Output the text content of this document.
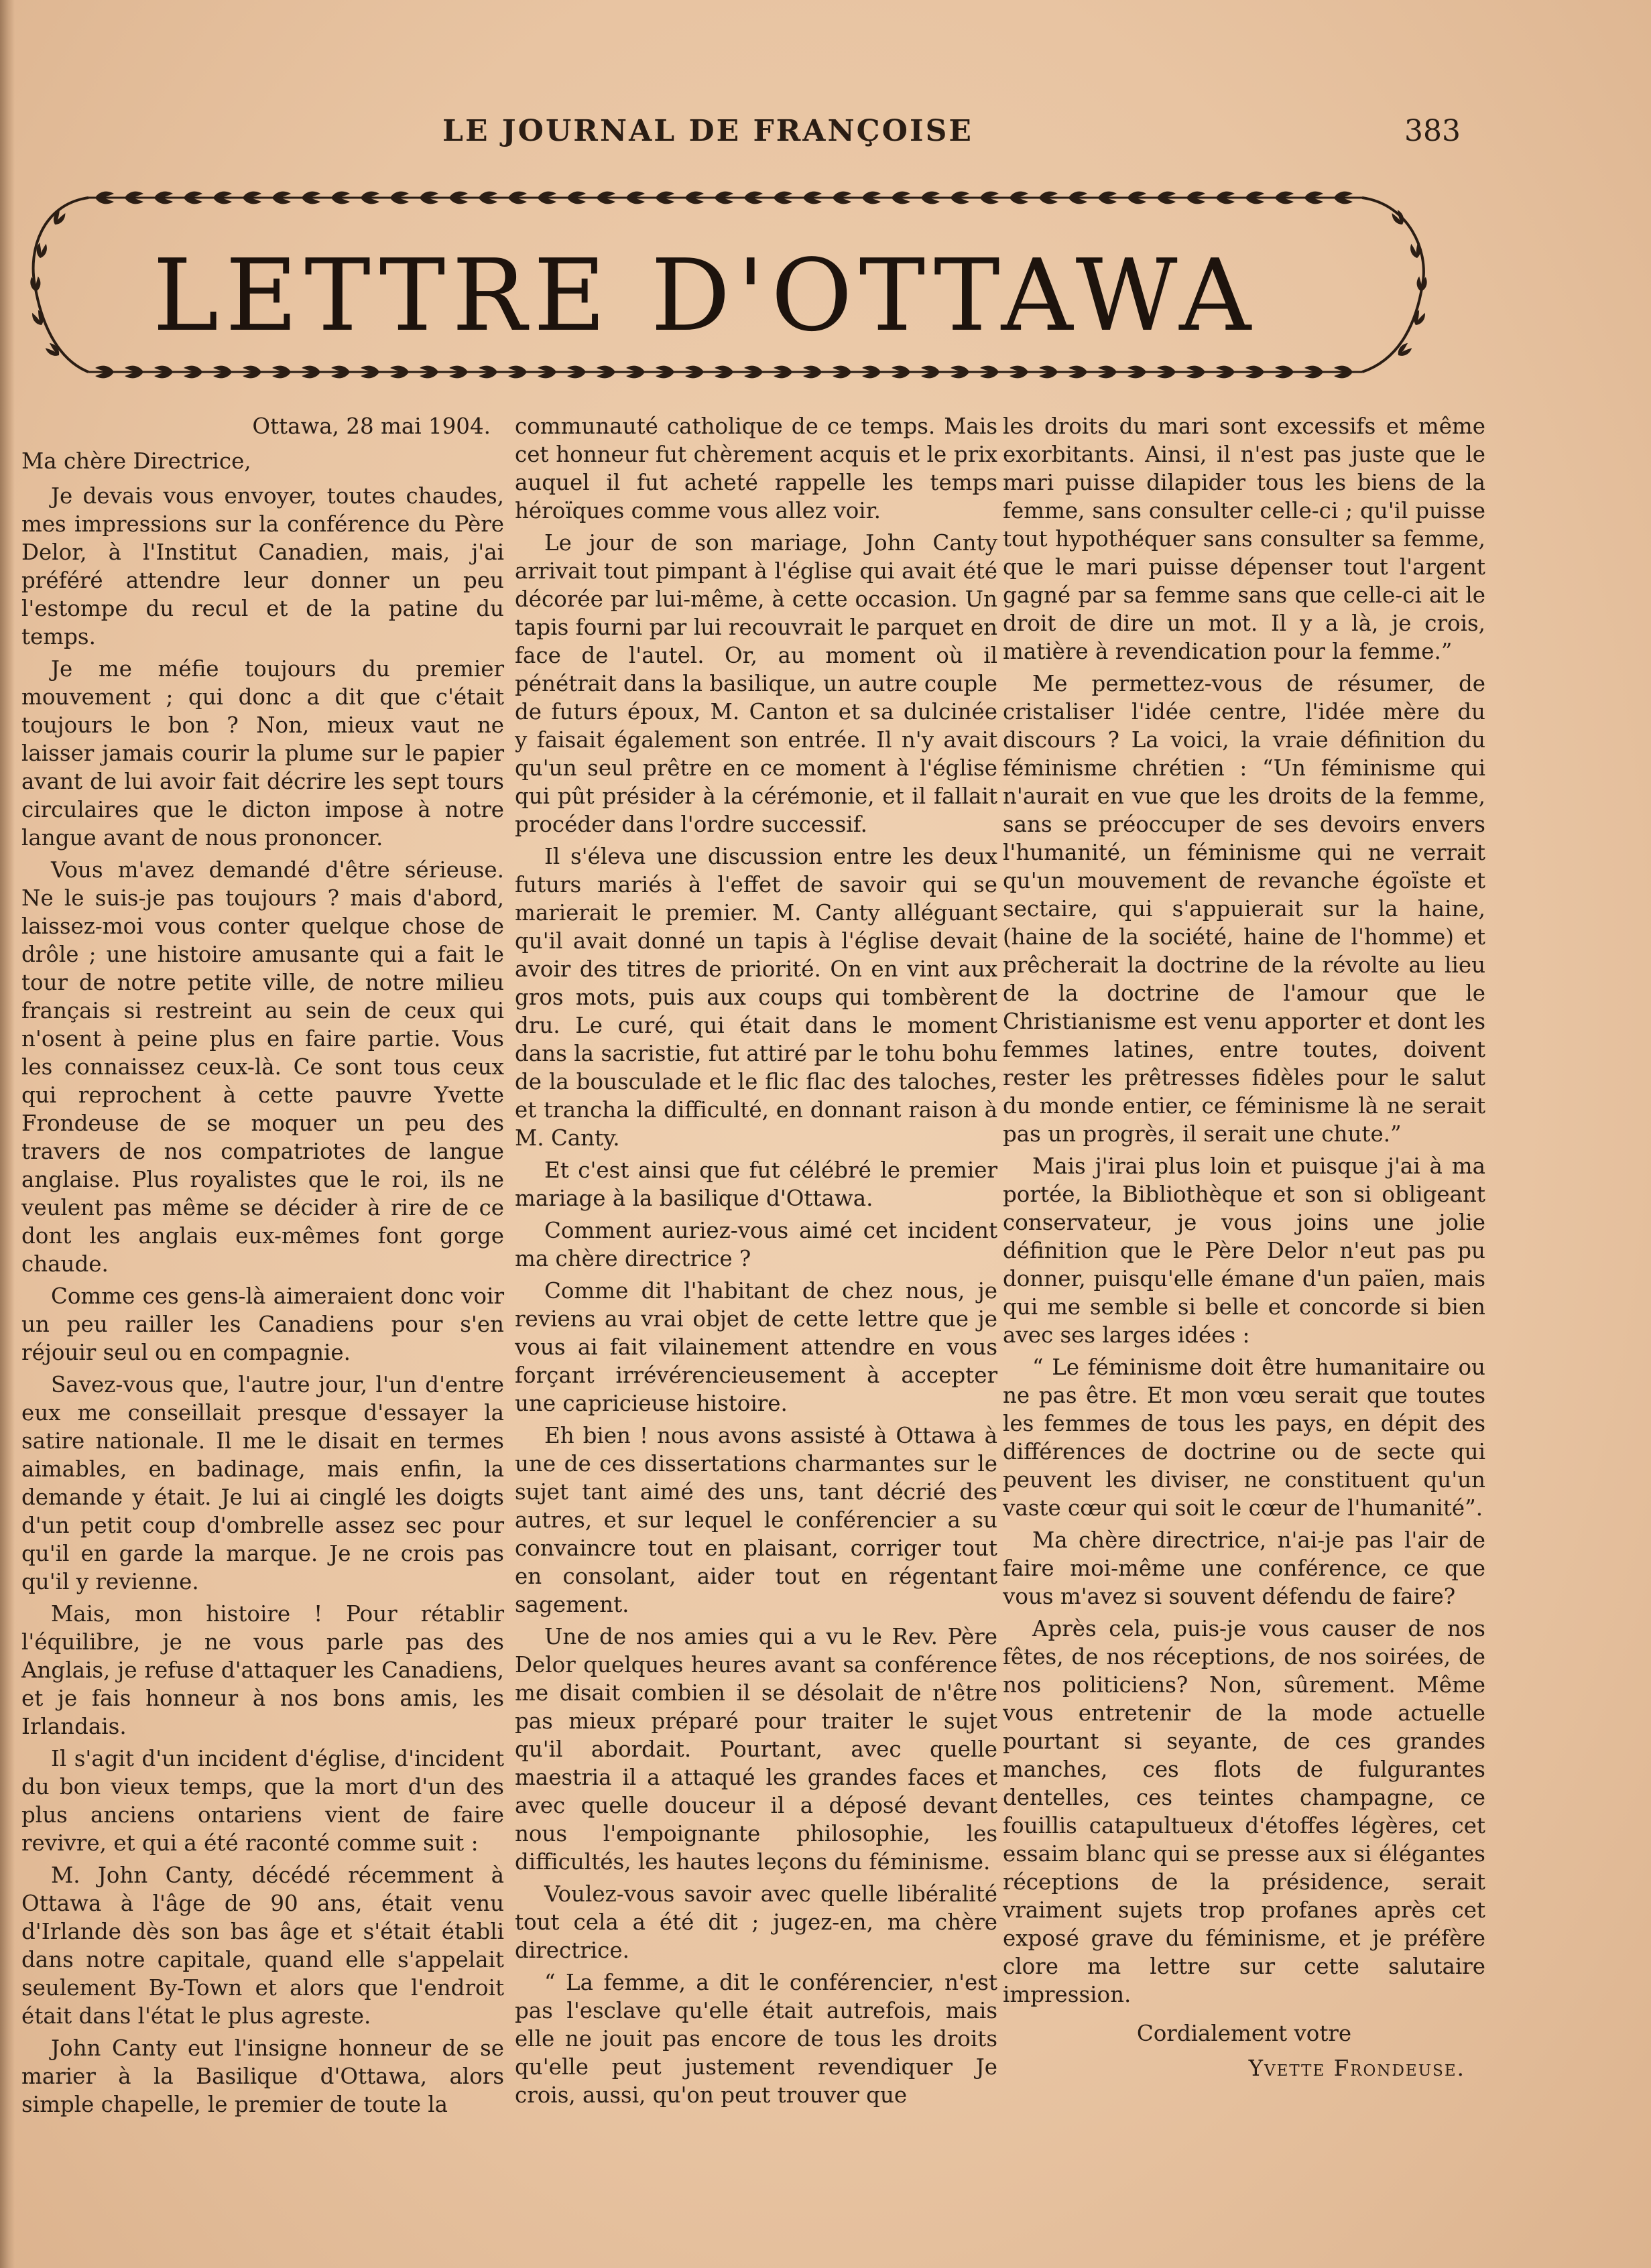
LE JOURNAL DE FRANÇOISE	383
LETTRE D'OTTAWA
Ottawa, 28 mai 1904.
Ma chère Directrice,

Je devais vous envoyer, toutes chaudes, mes impressions sur la conférence du Père Delor, à l'Institut Canadien, mais, j'ai préféré attendre leur donner un peu l'estompe du recul et de la patine du temps.

Je me méfie toujours du premier mouvement ; qui donc a dit que c'était toujours le bon ? Non, mieux vaut ne laisser jamais courir la plume sur le papier avant de lui avoir fait décrire les sept tours circulaires que le dicton impose à notre langue avant de nous prononcer.

Vous m'avez demandé d'être sérieuse. Ne le suis-je pas toujours ? mais d'abord, laissez-moi vous conter quelque chose de drôle ; une histoire amusante qui a fait le tour de notre petite ville, de notre milieu français si restreint au sein de ceux qui n'osent à peine plus en faire partie. Vous les connaissez ceux-là. Ce sont tous ceux qui reprochent à cette pauvre Yvette Frondeuse de se moquer un peu des travers de nos compatriotes de langue anglaise. Plus royalistes que le roi, ils ne veulent pas même se décider à rire de ce dont les anglais eux-mêmes font gorge chaude.

Comme ces gens-là aimeraient donc voir un peu railler les Canadiens pour s'en réjouir seul ou en compagnie.

Savez-vous que, l'autre jour, l'un d'entre eux me conseillait presque d'essayer la satire nationale. Il me le disait en termes aimables, en badinage, mais enfin, la demande y était. Je lui ai cinglé les doigts d'un petit coup d'ombrelle assez sec pour qu'il en garde la marque. Je ne crois pas qu'il y revienne.

Mais, mon histoire ! Pour rétablir l'équilibre, je ne vous parle pas des Anglais, je refuse d'attaquer les Canadiens, et je fais honneur à nos bons amis, les Irlandais.

Il s'agit d'un incident d'église, d'incident du bon vieux temps, que la mort d'un des plus anciens ontariens vient de faire revivre, et qui a été raconté comme suit :

M. John Canty, décédé récemment à Ottawa à l'âge de 90 ans, était venu d'Irlande dès son bas âge et s'était établi dans notre capitale, quand elle s'appelait seulement By-Town et alors que l'endroit était dans l'état le plus agreste.

John Canty eut l'insigne honneur de se marier à la Basilique d'Ottawa, alors simple chapelle, le premier de toute la

communauté catholique de ce temps. Mais cet honneur fut chèrement acquis et le prix auquel il fut acheté rappelle les temps héroïques comme vous allez voir.

Le jour de son mariage, John Canty arrivait tout pimpant à l'église qui avait été décorée par lui-même, à cette occasion. Un tapis fourni par lui recouvrait le parquet en face de l'autel. Or, au moment où il pénétrait dans la basilique, un autre couple de futurs époux, M. Canton et sa dulcinée y faisait également son entrée. Il n'y avait qu'un seul prêtre en ce moment à l'église qui pût présider à la cérémonie, et il fallait procéder dans l'ordre successif.

Il s'éleva une discussion entre les deux futurs mariés à l'effet de savoir qui se marierait le premier. M. Canty alléguant qu'il avait donné un tapis à l'église devait avoir des titres de priorité. On en vint aux gros mots, puis aux coups qui tombèrent dru. Le curé, qui était dans le moment dans la sacristie, fut attiré par le tohu bohu de la bousculade et le flic flac des taloches, et trancha la difficulté, en donnant raison à M. Canty.

Et c'est ainsi que fut célébré le premier mariage à la basilique d'Ottawa.

Comment auriez-vous aimé cet incident ma chère directrice ?

Comme dit l'habitant de chez nous, je reviens au vrai objet de cette lettre que je vous ai fait vilainement attendre en vous forçant irrévérencieusement à accepter une capricieuse histoire.

Eh bien ! nous avons assisté à Ottawa à une de ces dissertations charmantes sur le sujet tant aimé des uns, tant décrié des autres, et sur lequel le conférencier a su convaincre tout en plaisant, corriger tout en consolant, aider tout en régentant sagement.

Une de nos amies qui a vu le Rev. Père Delor quelques heures avant sa conférence me disait combien il se désolait de n'être pas mieux préparé pour traiter le sujet qu'il abordait. Pourtant, avec quelle maestria il a attaqué les grandes faces et avec quelle douceur il a déposé devant nous l'empoignante philosophie, les difficultés, les hautes leçons du féminisme.

Voulez-vous savoir avec quelle libéralité tout cela a été dit ; jugez-en, ma chère directrice.

“ La femme, a dit le conférencier, n'est pas l'esclave qu'elle était autrefois, mais elle ne jouit pas encore de tous les droits qu'elle peut justement revendiquer Je crois, aussi, qu'on peut trouver que

les droits du mari sont excessifs et même exorbitants. Ainsi, il n'est pas juste que le mari puisse dilapider tous les biens de la femme, sans consulter celle-ci ; qu'il puisse tout hypothéquer sans consulter sa femme, que le mari puisse dépenser tout l'argent gagné par sa femme sans que celle-ci ait le droit de dire un mot. Il y a là, je crois, matière à revendication pour la femme.”

Me permettez-vous de résumer, de cristaliser l'idée centre, l'idée mère du discours ? La voici, la vraie définition du féminisme chrétien : “Un féminisme qui n'aurait en vue que les droits de la femme, sans se préoccuper de ses devoirs envers l'humanité, un féminisme qui ne verrait qu'un mouvement de revanche égoïste et sectaire, qui s'appuierait sur la haine, (haine de la société, haine de l'homme) et prêcherait la doctrine de la révolte au lieu de la doctrine de l'amour que le Christianisme est venu apporter et dont les femmes latines, entre toutes, doivent rester les prêtresses fidèles pour le salut du monde entier, ce féminisme là ne serait pas un progrès, il serait une chute.”

Mais j'irai plus loin et puisque j'ai à ma portée, la Bibliothèque et son si obligeant conservateur, je vous joins une jolie définition que le Père Delor n'eut pas pu donner, puisqu'elle émane d'un païen, mais qui me semble si belle et concorde si bien avec ses larges idées :

“ Le féminisme doit être humanitaire ou ne pas être. Et mon vœu serait que toutes les femmes de tous les pays, en dépit des différences de doctrine ou de secte qui peuvent les diviser, ne constituent qu'un vaste cœur qui soit le cœur de l'humanité”.

Ma chère directrice, n'ai-je pas l'air de faire moi-même une conférence, ce que vous m'avez si souvent défendu de faire?

Après cela, puis-je vous causer de nos fêtes, de nos réceptions, de nos soirées, de nos politiciens? Non, sûrement. Même vous entretenir de la mode actuelle pourtant si seyante, de ces grandes manches, ces flots de fulgurantes dentelles, ces teintes champagne, ce fouillis catapultueux d'étoffes légères, cet essaim blanc qui se presse aux si élégantes réceptions de la présidence, serait vraiment sujets trop profanes après cet exposé grave du féminisme, et je préfère clore ma lettre sur cette salutaire impression.

Cordialement votre
Yvette Frondeuse.
